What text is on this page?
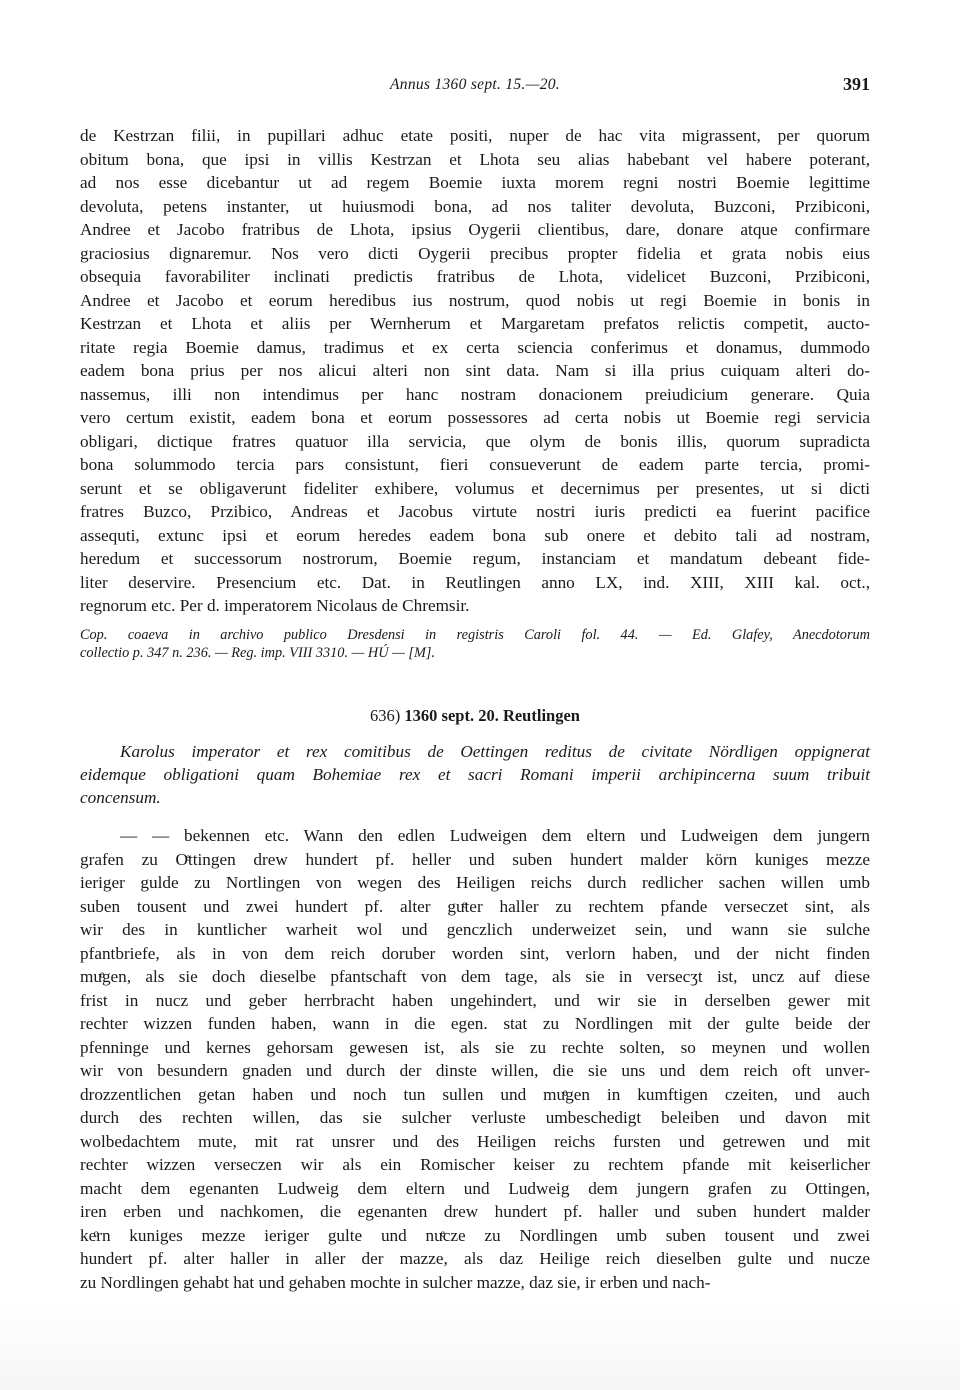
Annus 1360 sept. 15.—20.	391

de Kestrzan filii, in pupillari adhuc etate positi, nuper de hac vita migrassent, per quorum
obitum bona, que ipsi in villis Kestrzan et Lhota seu alias habebant vel habere poterant,
ad nos esse dicebantur ut ad regem Boemie iuxta morem regni nostri Boemie legittime
devoluta, petens instanter, ut huiusmodi bona, ad nos taliter devoluta, Buzconi, Przibiconi,
Andree et Jacobo fratribus de Lhota, ipsius Oygerii clientibus, dare, donare atque confirmare
graciosius dignaremur. Nos vero dicti Oygerii precibus propter fidelia et grata nobis eius
obsequia favorabiliter inclinati predictis fratribus de Lhota, videlicet Buzconi, Przibiconi,
Andree et Jacobo et eorum heredibus ius nostrum, quod nobis ut regi Boemie in bonis in
Kestrzan et Lhota et aliis per Wernherum et Margaretam prefatos relictis competit, aucto-
ritate regia Boemie damus, tradimus et ex certa sciencia conferimus et donamus, dummodo
eadem bona prius per nos alicui alteri non sint data. Nam si illa prius cuiquam alteri do-
nassemus, illi non intendimus per hanc nostram donacionem preiudicium generare. Quia
vero certum existit, eadem bona et eorum possessores ad certa nobis ut Boemie regi servicia
obligari, dictique fratres quatuor illa servicia, que olym de bonis illis, quorum supradicta
bona solummodo tercia pars consistunt, fieri consueverunt de eadem parte tercia, promi-
serunt et se obligaverunt fideliter exhibere, volumus et decernimus per presentes, ut si dicti
fratres Buzco, Przibico, Andreas et Jacobus virtute nostri iuris predicti ea fuerint pacifice
assequti, extunc ipsi et eorum heredes eadem bona sub onere et debito tali ad nostram,
heredum et successorum nostrorum, Boemie regum, instanciam et mandatum debeant fide-
liter deservire. Presencium etc. Dat. in Reutlingen anno LX, ind. XIII, XIII kal. oct.,
regnorum etc. Per d. imperatorem Nicolaus de Chremsir.

Cop. coaeva in archivo publico Dresdensi in registris Caroli fol. 44. — Ed. Glafey, Anecdotorum
collectio p. 347 n. 236. — Reg. imp. VIII 3310. — HÚ — [M].
636) 1360 sept. 20. Reutlingen
Karolus imperator et rex comitibus de Oettingen reditus de civitate Nördligen oppignerat
eidemque obligationi quam Bohemiae rex et sacri Romani imperii archipincerna suum tribuit
concensum.

— — bekennen etc. Wann den edlen Ludweigen dem eltern und Ludweigen dem jungern
grafen zu Oͤttingen drew hundert pf. heller und suben hundert malder körn kuniges mezze
ieriger gulde zu Nortlingen von wegen des Heiligen reichs durch redlicher sachen willen umb
suben tousent und zwei hundert pf. alter guͤter haller zu rechtem pfande verseczet sint, als
wir des in kuntlicher warheit wol und genczlich underweizet sein, und wann sie sulche
pfantbriefe, als in von dem reich doruber worden sint, verlorn haben, und der nicht finden
muͤgen, als sie doch dieselbe pfantschaft von dem tage, als sie in versecʒt ist, uncz auf diese
frist in nucz und geber herrbracht haben ungehindert, und wir sie in derselben gewer mit
rechter wizzen funden haben, wann in die egen. stat zu Nordlingen mit der gulte beide der
pfenninge und kernes gehorsam gewesen ist, als sie zu rechte solten, so meynen und wollen
wir von besundern gnaden und durch der dinste willen, die sie uns und dem reich oft unver-
drozzentlichen getan haben und noch tun sullen und muͤgen in kumftigen czeiten, und auch
durch des rechten willen, das sie sulcher verluste umbeschedigt beleiben und davon mit
wolbedachtem mute, mit rat unsrer und des Heiligen reichs fursten und getrewen und mit
rechter wizzen verseczen wir als ein Romischer keiser zu rechtem pfande mit keiserlicher
macht dem egenanten Ludweig dem eltern und Ludweig dem jungern grafen zu Ottingen,
iren erben und nachkomen, die egenanten drew hundert pf. haller und suben hundert malder
keͦrn kuniges mezze ieriger gulte und nuͤcze zu Nordlingen umb suben tousent und zwei
hundert pf. alter haller in aller der mazze, als daz Heilige reich dieselben gulte und nucze
zu Nordlingen gehabt hat und gehaben mochte in sulcher mazze, daz sie, ir erben und nach-
